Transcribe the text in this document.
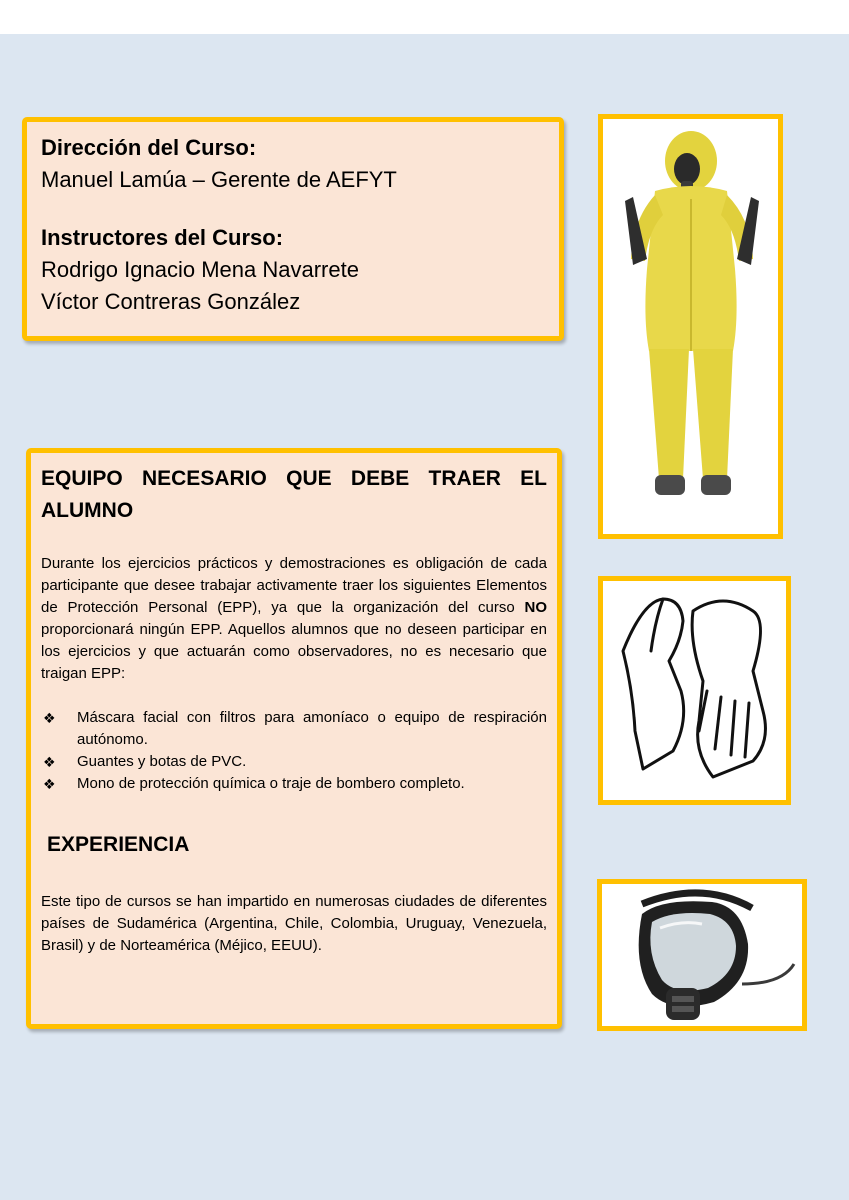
Dirección del Curso:
Manuel Lamúa – Gerente de AEFYT
Instructores del Curso:
Rodrigo Ignacio Mena Navarrete
Víctor Contreras González
EQUIPO NECESARIO QUE DEBE TRAER EL ALUMNO

Durante los ejercicios prácticos y demostraciones es obligación de cada participante que desee trabajar activamente traer los siguientes Elementos de Protección Personal (EPP), ya que la organización del curso NO proporcionará ningún EPP. Aquellos alumnos que no deseen participar en los ejercicios y que actuarán como observadores, no es necesario que traigan EPP:

❖ Máscara facial con filtros para amoníaco o equipo de respiración autónomo.
❖ Guantes y botas de PVC.
❖ Mono de protección química o traje de bombero completo.
EXPERIENCIA

Este tipo de cursos se han impartido en numerosas ciudades de diferentes países de Sudamérica (Argentina, Chile, Colombia, Uruguay, Venezuela, Brasil) y de Norteamérica (Méjico, EEUU).
